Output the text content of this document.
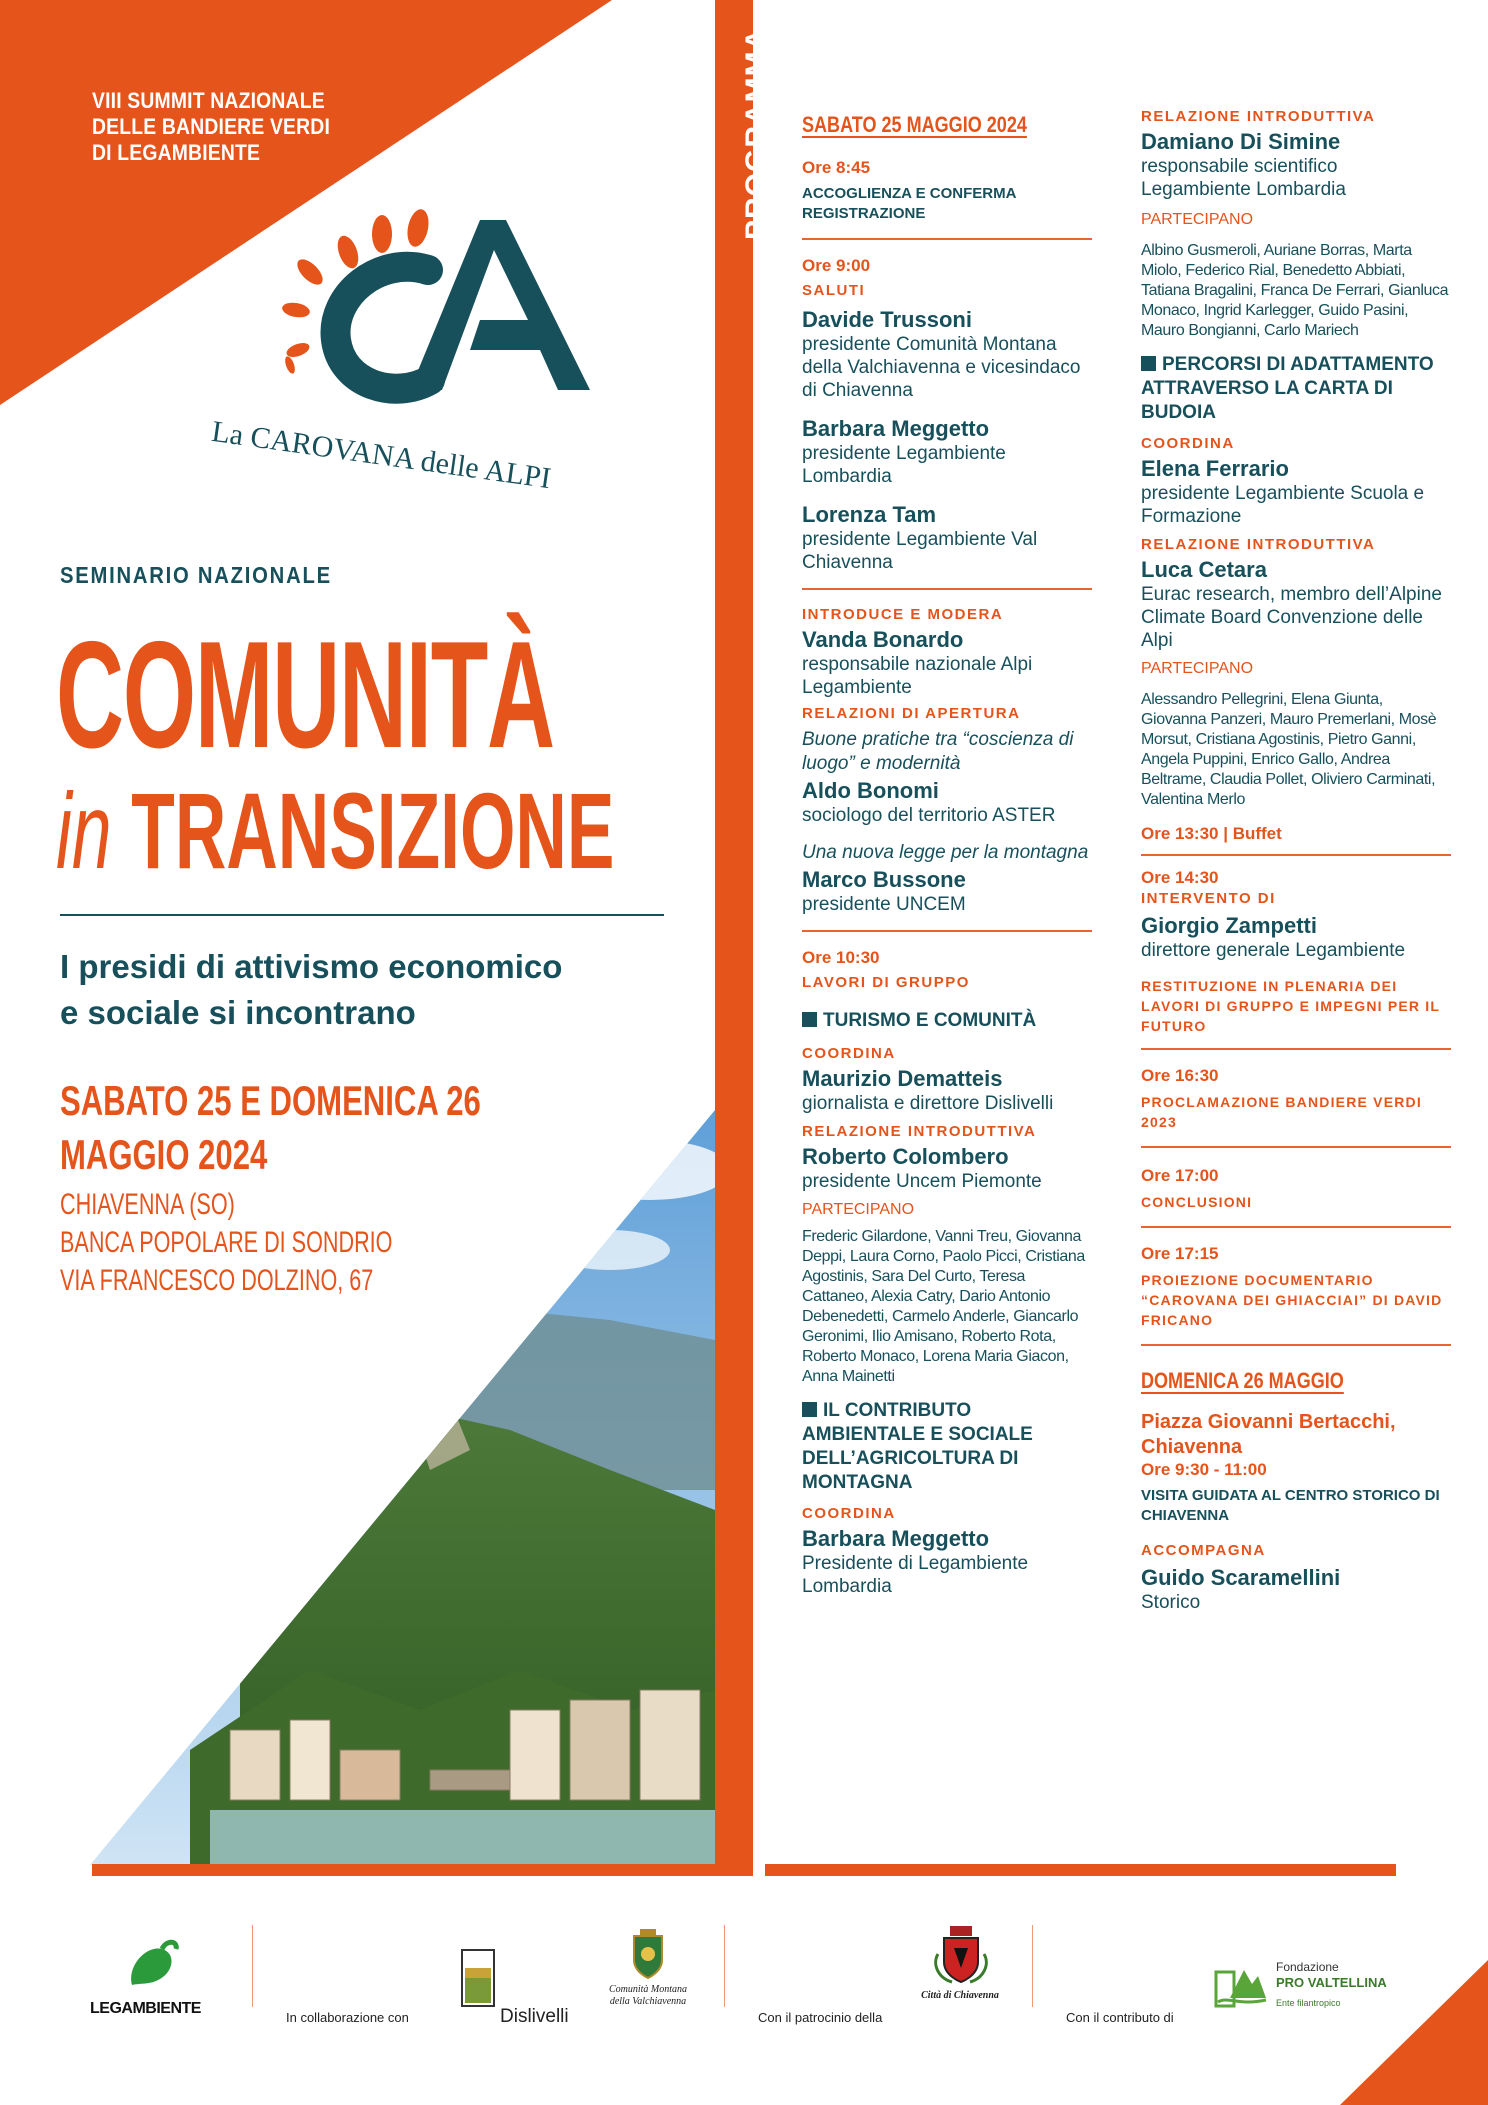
VIII SUMMIT NAZIONALE
DELLE BANDIERE VERDI
DI LEGAMBIENTE
La CAROVANA delle ALPI
SEMINARIO NAZIONALE
COMUNITÀ
in TRANSIZIONE
I presidi di attivismo economico
e sociale si incontrano
SABATO 25 E DOMENICA 26
MAGGIO 2024
CHIAVENNA (SO)
BANCA POPOLARE DI SONDRIO
VIA FRANCESCO DOLZINO, 67
PROGRAMMA SABATO 25 MAGGIO 2024
Ore 8:45
ACCOGLIENZA E CONFERMA REGISTRAZIONE
Ore 9:00
SALUTI
Davide Trussoni
presidente Comunità Montana della Valchiavenna e vicesindaco di Chiavenna
Barbara Meggetto
presidente Legambiente Lombardia
Lorenza Tam
presidente Legambiente Val Chiavenna
INTRODUCE E MODERA
Vanda Bonardo
responsabile nazionale Alpi Legambiente
RELAZIONI DI APERTURA
Buone pratiche tra “coscienza di luogo” e modernità
Aldo Bonomi
sociologo del territorio ASTER
Una nuova legge per la montagna
Marco Bussone
presidente UNCEM
Ore 10:30
LAVORI DI GRUPPO
TURISMO E COMUNITÀ
COORDINA
Maurizio Dematteis
giornalista e direttore Dislivelli
RELAZIONE INTRODUTTIVA
Roberto Colombero
presidente Uncem Piemonte
PARTECIPANO
Frederic Gilardone, Vanni Treu, Giovanna Deppi, Laura Corno, Paolo Picci, Cristiana Agostinis, Sara Del Curto, Teresa Cattaneo, Alexia Catry, Dario Antonio Debenedetti, Carmelo Anderle, Giancarlo Geronimi, Ilio Amisano, Roberto Rota, Roberto Monaco, Lorena Maria Giacon, Anna Mainetti
IL CONTRIBUTO AMBIENTALE E SOCIALE DELL’AGRICOLTURA DI MONTAGNA
COORDINA
Barbara Meggetto
Presidente di Legambiente Lombardia
RELAZIONE INTRODUTTIVA
Damiano Di Simine
responsabile scientifico Legambiente Lombardia
PARTECIPANO
Albino Gusmeroli, Auriane Borras, Marta Miolo, Federico Rial, Benedetto Abbiati, Tatiana Bragalini, Franca De Ferrari, Gianluca Monaco, Ingrid Karlegger, Guido Pasini, Mauro Bongianni, Carlo Mariech
PERCORSI DI ADATTAMENTO ATTRAVERSO LA CARTA DI BUDOIA
COORDINA
Elena Ferrario
presidente Legambiente Scuola e Formazione
RELAZIONE INTRODUTTIVA
Luca Cetara
Eurac research, membro dell’Alpine Climate Board Convenzione delle Alpi
PARTECIPANO
Alessandro Pellegrini, Elena Giunta, Giovanna Panzeri, Mauro Premerlani, Mosè Morsut, Cristiana Agostinis, Pietro Ganni, Angela Puppini, Enrico Gallo, Andrea Beltrame, Claudia Pollet, Oliviero Carminati, Valentina Merlo
Ore 13:30 | Buffet
Ore 14:30
INTERVENTO DI
Giorgio Zampetti
direttore generale Legambiente
RESTITUZIONE IN PLENARIA DEI LAVORI DI GRUPPO E IMPEGNI PER IL FUTURO
Ore 16:30
PROCLAMAZIONE BANDIERE VERDI 2023
Ore 17:00
CONCLUSIONI
Ore 17:15
PROIEZIONE DOCUMENTARIO “CAROVANA DEI GHIACCIAI” DI DAVID FRICANO
DOMENICA 26 MAGGIO
Piazza Giovanni Bertacchi, Chiavenna
Ore 9:30 - 11:00
VISITA GUIDATA AL CENTRO STORICO DI CHIAVENNA
ACCOMPAGNA
Guido Scaramellini
Storico
LEGAMBIENTE
In collaborazione con	Dislivelli
Comunità Montana
della Valchiavenna
Con il patrocinio della
Città di Chiavenna
Con il contributo di
Fondazione
PRO VALTELLINA
Ente filantropico
